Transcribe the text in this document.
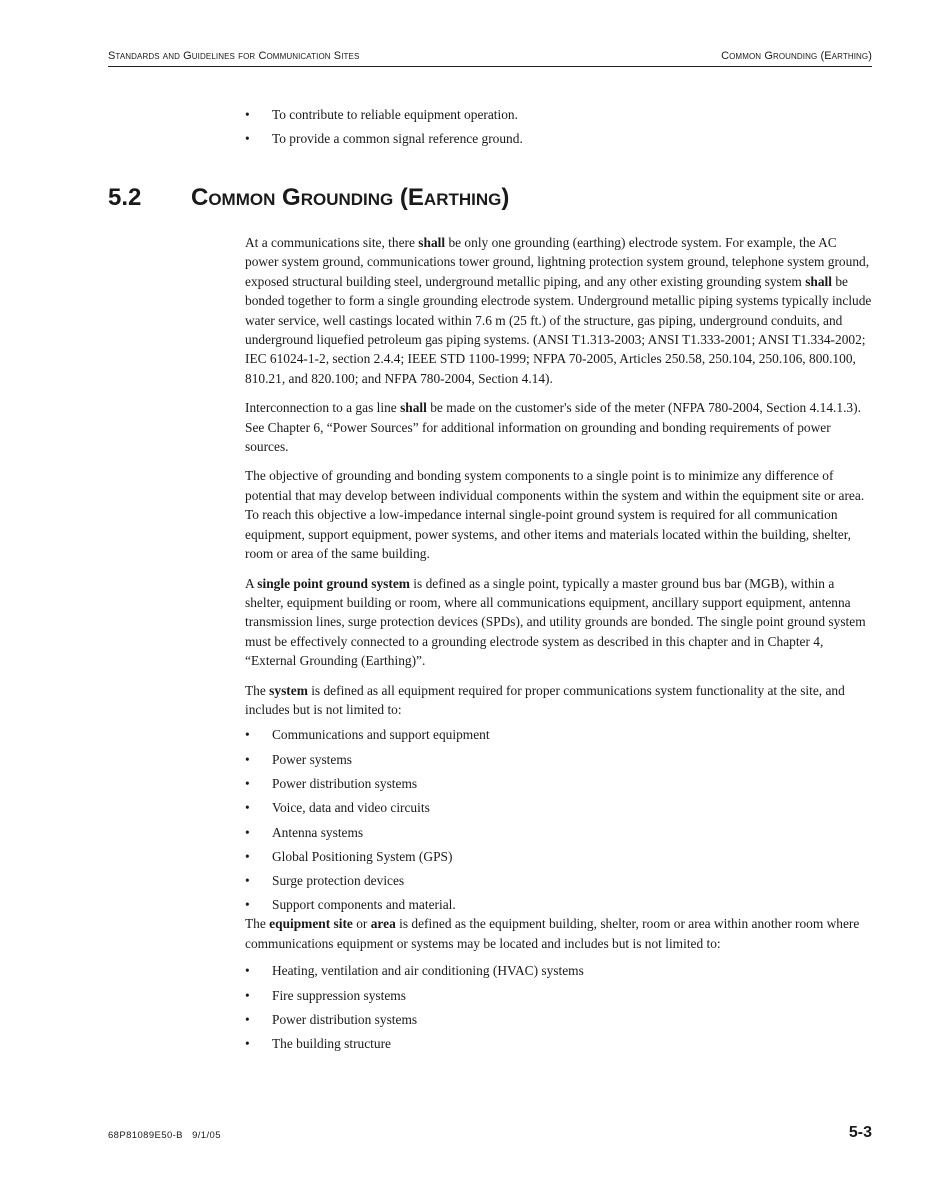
Standards and Guidelines for Communication Sites	Common Grounding (Earthing)
• To contribute to reliable equipment operation.
• To provide a common signal reference ground.
5.2 Common Grounding (Earthing)

At a communications site, there shall be only one grounding (earthing) electrode system. For example, the AC power system ground, communications tower ground, lightning protection system ground, telephone system ground, exposed structural building steel, underground metallic piping, and any other existing grounding system shall be bonded together to form a single grounding electrode system. Underground metallic piping systems typically include water service, well castings located within 7.6 m (25 ft.) of the structure, gas piping, underground conduits, and underground liquefied petroleum gas piping systems. (ANSI T1.313-2003; ANSI T1.333-2001; ANSI T1.334-2002; IEC 61024-1-2, section 2.4.4; IEEE STD 1100-1999; NFPA 70-2005, Articles 250.58, 250.104, 250.106, 800.100, 810.21, and 820.100; and NFPA 780-2004, Section 4.14).

Interconnection to a gas line shall be made on the customer's side of the meter (NFPA 780-2004, Section 4.14.1.3). See Chapter 6, “Power Sources” for additional information on grounding and bonding requirements of power sources.

The objective of grounding and bonding system components to a single point is to minimize any difference of potential that may develop between individual components within the system and within the equipment site or area. To reach this objective a low-impedance internal single-point ground system is required for all communication equipment, support equipment, power systems, and other items and materials located within the building, shelter, room or area of the same building.

A single point ground system is defined as a single point, typically a master ground bus bar (MGB), within a shelter, equipment building or room, where all communications equipment, ancillary support equipment, antenna transmission lines, surge protection devices (SPDs), and utility grounds are bonded. The single point ground system must be effectively connected to a grounding electrode system as described in this chapter and in Chapter 4, “External Grounding (Earthing)”.

The system is defined as all equipment required for proper communications system functionality at the site, and includes but is not limited to:

• Communications and support equipment
• Power systems
• Power distribution systems
• Voice, data and video circuits
• Antenna systems
• Global Positioning System (GPS)
• Surge protection devices
• Support components and material.

The equipment site or area is defined as the equipment building, shelter, room or area within another room where communications equipment or systems may be located and includes but is not limited to:

• Heating, ventilation and air conditioning (HVAC) systems
• Fire suppression systems
• Power distribution systems
• The building structure
68P81089E50-B 9/1/05	5-3
